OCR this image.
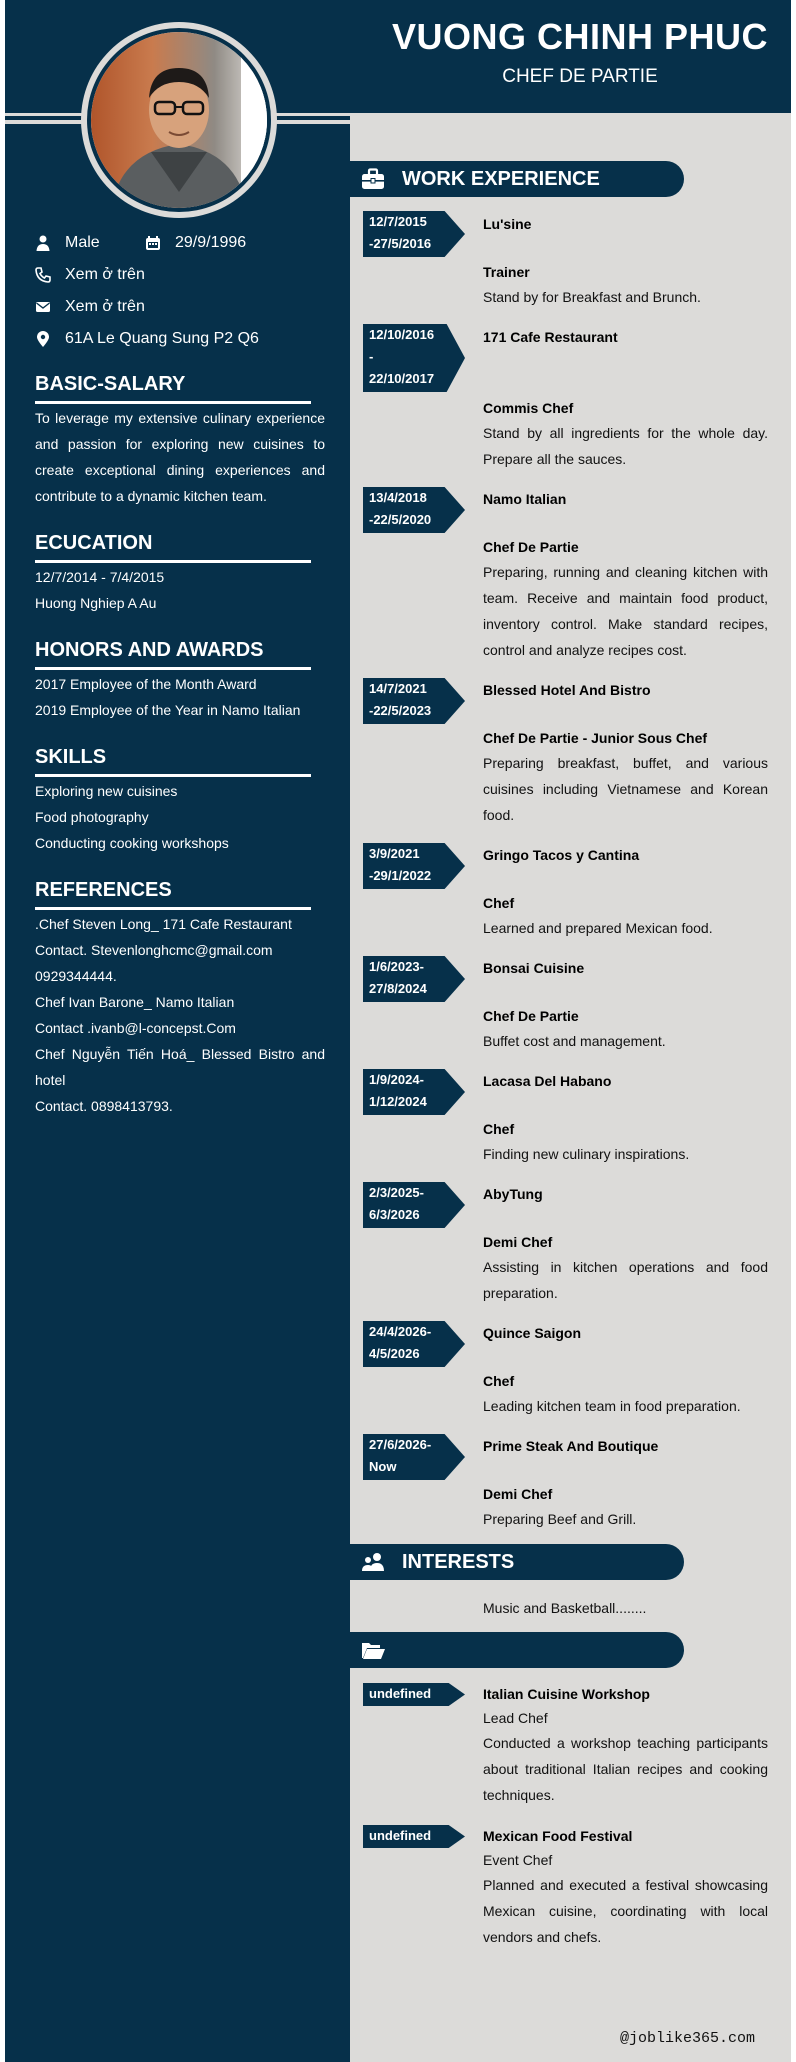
VUONG CHINH PHUC
CHEF DE PARTIE
Male	29/9/1996
Xem ở trên
Xem ở trên
61A Le Quang Sung P2 Q6
BASIC-SALARY
To leverage my extensive culinary experience and passion for exploring new cuisines to create exceptional dining experiences and contribute to a dynamic kitchen team.
ECUCATION
12/7/2014 - 7/4/2015
Huong Nghiep A Au
HONORS AND AWARDS
2017 Employee of the Month Award
2019 Employee of the Year in Namo Italian
SKILLS
Exploring new cuisines
Food photography
Conducting cooking workshops
REFERENCES
.Chef Steven Long_ 171 Cafe Restaurant
Contact. Stevenlonghcmc@gmail.com
0929344444.
Chef Ivan Barone_ Namo Italian
Contact .ivanb@l-concepst.Com
Chef Nguyễn Tiến Hoá_ Blessed Bistro and hotel
Contact. 0898413793.
WORK EXPERIENCE
12/7/2015
-27/5/2016
Lu'sine
Trainer
Stand by for Breakfast and Brunch.
12/10/2016
-
22/10/2017
171 Cafe Restaurant
Commis Chef
Stand by all ingredients for the whole day. Prepare all the sauces.
13/4/2018
-22/5/2020
Namo Italian
Chef De Partie
Preparing, running and cleaning kitchen with team. Receive and maintain food product, inventory control. Make standard recipes, control and analyze recipes cost.
14/7/2021
-22/5/2023
Blessed Hotel And Bistro
Chef De Partie - Junior Sous Chef
Preparing breakfast, buffet, and various cuisines including Vietnamese and Korean food.
3/9/2021
-29/1/2022
Gringo Tacos y Cantina
Chef
Learned and prepared Mexican food.
1/6/2023-
27/8/2024
Bonsai Cuisine
Chef De Partie
Buffet cost and management.
1/9/2024-
1/12/2024
Lacasa Del Habano
Chef
Finding new culinary inspirations.
2/3/2025-
6/3/2026
AbyTung
Demi Chef
Assisting in kitchen operations and food preparation.
24/4/2026-
4/5/2026
Quince Saigon
Chef
Leading kitchen team in food preparation.
27/6/2026-
Now
Prime Steak And Boutique
Demi Chef
Preparing Beef and Grill.
INTERESTS
Music and Basketball........
undefined	Italian Cuisine Workshop
Lead Chef
Conducted a workshop teaching participants about traditional Italian recipes and cooking techniques.
undefined	Mexican Food Festival
Event Chef
Planned and executed a festival showcasing Mexican cuisine, coordinating with local vendors and chefs.
@joblike365.com
